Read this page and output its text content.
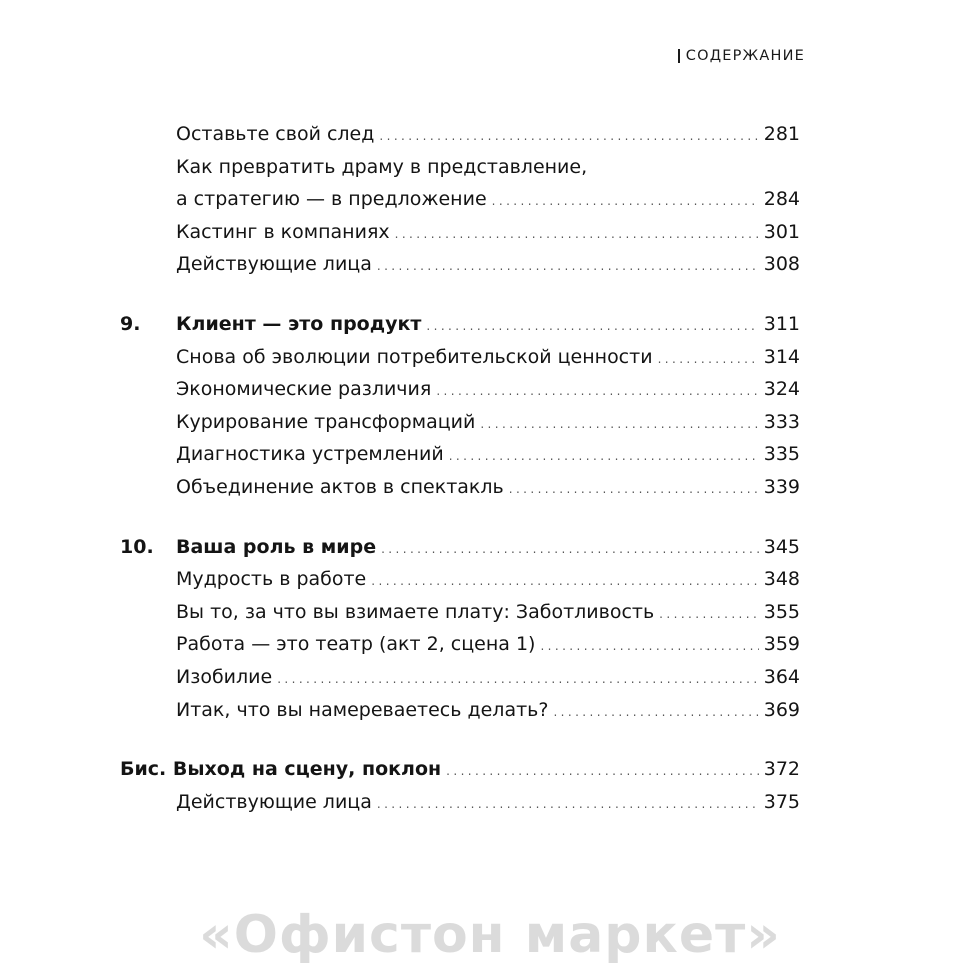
СОДЕРЖАНИЕ
Оставьте свой след .....	281
Как превратить драму в представление,
а стратегию — в предложение .....	284
Кастинг в компаниях .....	301
Действующие лица .....	308
9. Клиент — это продукт .....	311
Снова об эволюции потребительской ценности .....	314
Экономические различия .....	324
Курирование трансформаций .....	333
Диагностика устремлений .....	335
Объединение актов в спектакль .....	339
10. Ваша роль в мире .....	345
Мудрость в работе .....	348
Вы то, за что вы взимаете плату: Заботливость .....	355
Работа — это театр (акт 2, сцена 1) .....	359
Изобилие .....	364
Итак, что вы намереваетесь делать? .....	369
Бис. Выход на сцену, поклон .....	372
Действующие лица .....	375
«Офистон маркет»
